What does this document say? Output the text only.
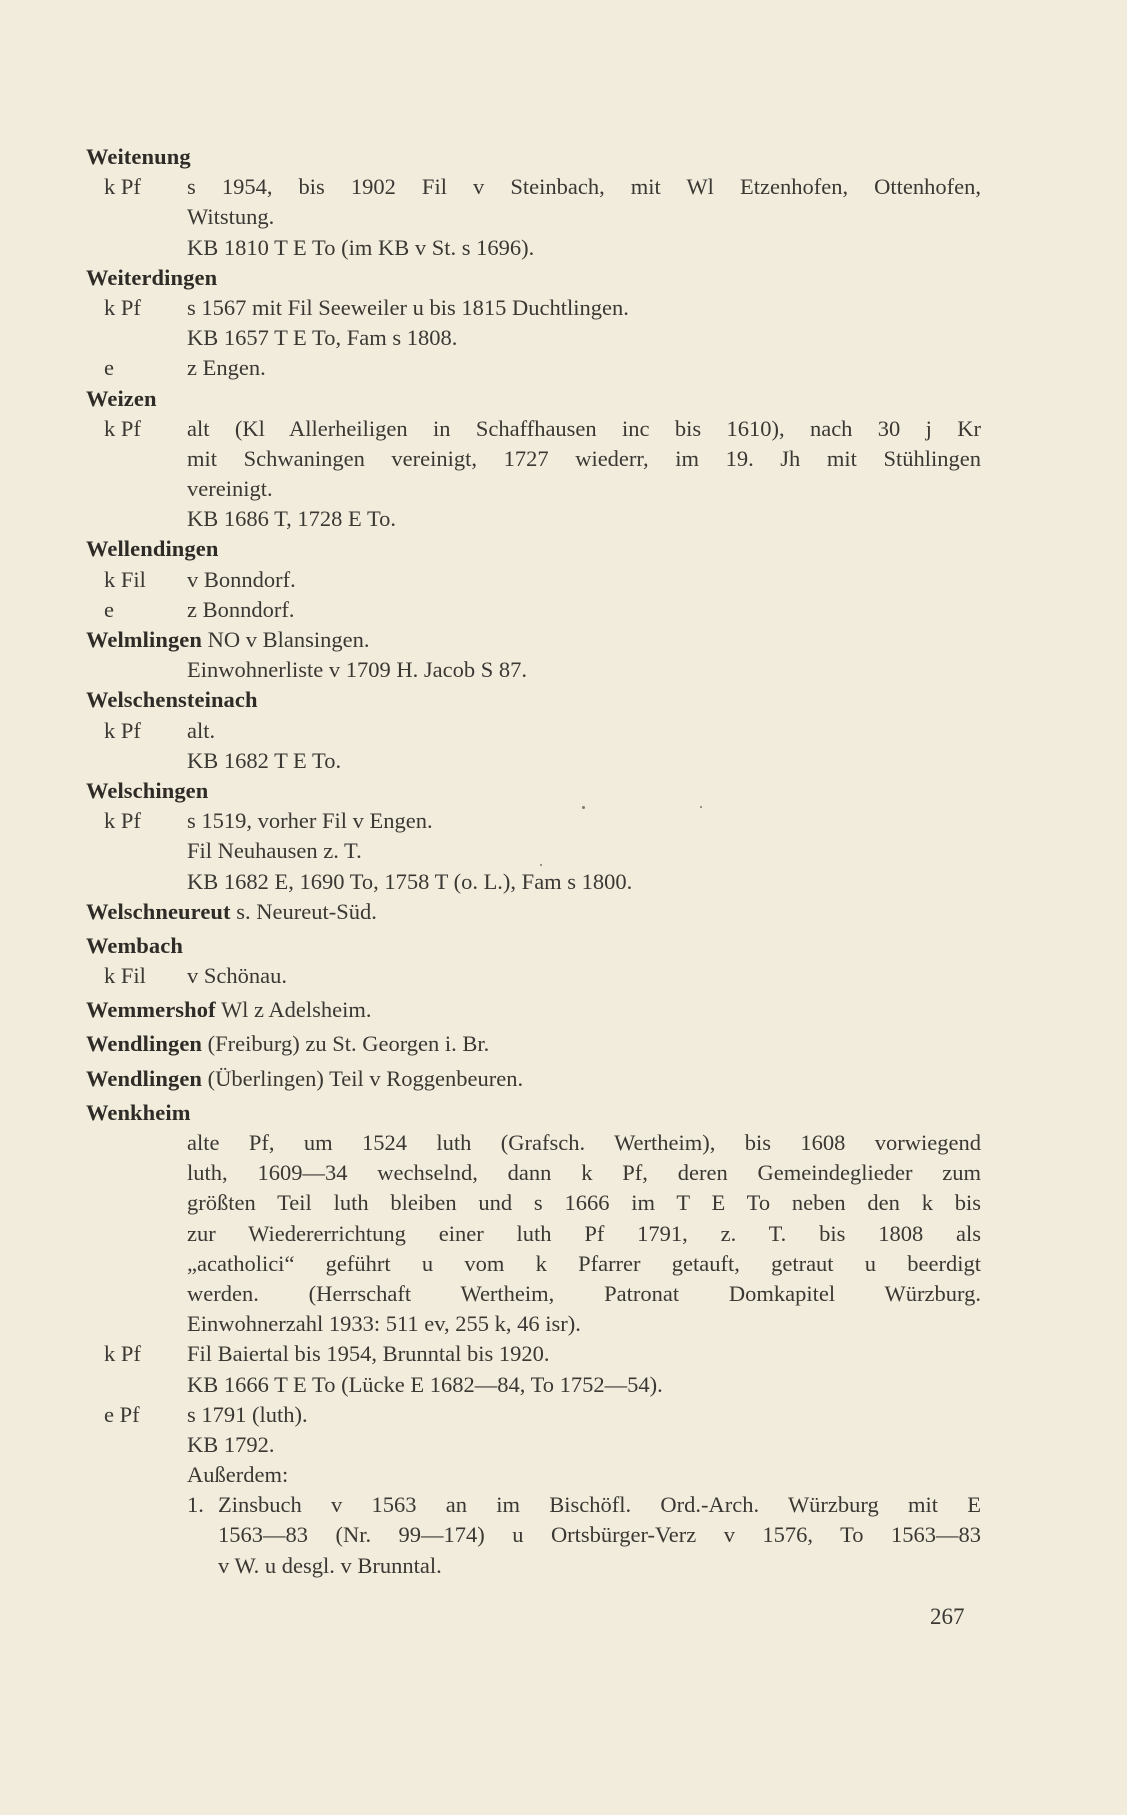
Weitenung
k Pf s 1954, bis 1902 Fil v Steinbach, mit Wl Etzenhofen, Ottenhofen,
Witstung.
KB 1810 T E To (im KB v St. s 1696).
Weiterdingen
k Pf s 1567 mit Fil Seeweiler u bis 1815 Duchtlingen.
KB 1657 T E To, Fam s 1808.
e	z Engen.
Weizen
k Pf alt (Kl Allerheiligen in Schaffhausen inc bis 1610), nach 30 j Kr
mit Schwaningen vereinigt, 1727 wiederr, im 19. Jh mit Stühlingen
vereinigt.
KB 1686 T, 1728 E To.
Wellendingen
k Fil v Bonndorf.
e	z Bonndorf.
Welmlingen NO v Blansingen.
Einwohnerliste v 1709 H. Jacob S 87.
Welschensteinach
k Pf alt.
KB 1682 T E To.
Welschingen
k Pf s 1519, vorher Fil v Engen.
Fil Neuhausen z. T.
KB 1682 E, 1690 To, 1758 T (o. L.), Fam s 1800.
Welschneureut s. Neureut-Süd.
Wembach
k Fil v Schönau.
Wemmershof Wl z Adelsheim.
Wendlingen (Freiburg) zu St. Georgen i. Br.
Wendlingen (Überlingen) Teil v Roggenbeuren.
Wenkheim
alte Pf, um 1524 luth (Grafsch. Wertheim), bis 1608 vorwiegend
luth, 1609—34 wechselnd, dann k Pf, deren Gemeindeglieder zum
größten Teil luth bleiben und s 1666 im T E To neben den k bis
zur Wiedererrichtung einer luth Pf 1791, z. T. bis 1808 als
„acatholici“ geführt u vom k Pfarrer getauft, getraut u beerdigt
werden. (Herrschaft Wertheim, Patronat Domkapitel Würzburg.
Einwohnerzahl 1933: 511 ev, 255 k, 46 isr).
k Pf Fil Baiertal bis 1954, Brunntal bis 1920.
KB 1666 T E To (Lücke E 1682—84, To 1752—54).
e Pf s 1791 (luth).
KB 1792.
Außerdem:
1. Zinsbuch v 1563 an im Bischöfl. Ord.-Arch. Würzburg mit E
1563—83 (Nr. 99—174) u Ortsbürger-Verz v 1576, To 1563—83
v W. u desgl. v Brunntal.
267
